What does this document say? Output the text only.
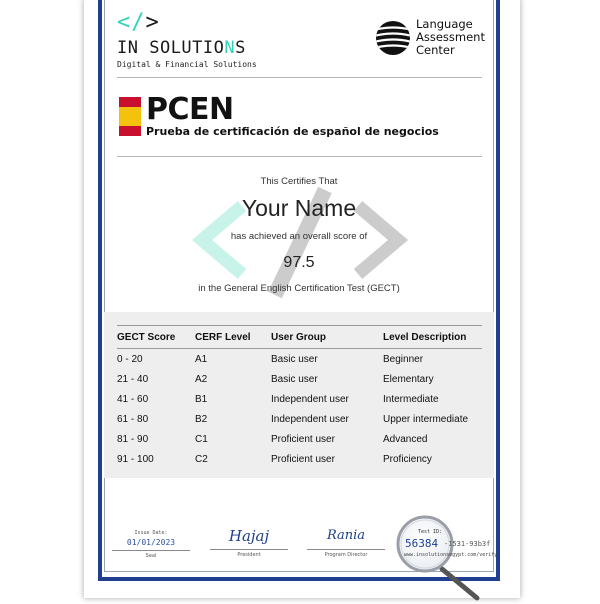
</>
IN SOLUTIONS
Digital & Financial Solutions
Language
Assessment
Center
PCEN
Prueba de certificación de español de negocios
This Certifies That
Your Name
has achieved an overall score of
97.5
in the General English Certification Test (GECT)
GECT Score	CERF Level	User Group	Level Description
0 - 20	A1	Basic user	Beginner
21 - 40	A2	Basic user	Elementary
41 - 60	B1	Independent user	Intermediate
61 - 80	B2	Independent user	Upper intermediate
81 - 90	C1	Proficient user	Advanced
91 - 100	C2	Proficient user	Proficiency
Issue Date:
01/01/2023
Seal
Hajaj
President
Rania
Program Director
Test ID:
56384 -1531-93b3f
www.insolutionsegypt.com/verify
